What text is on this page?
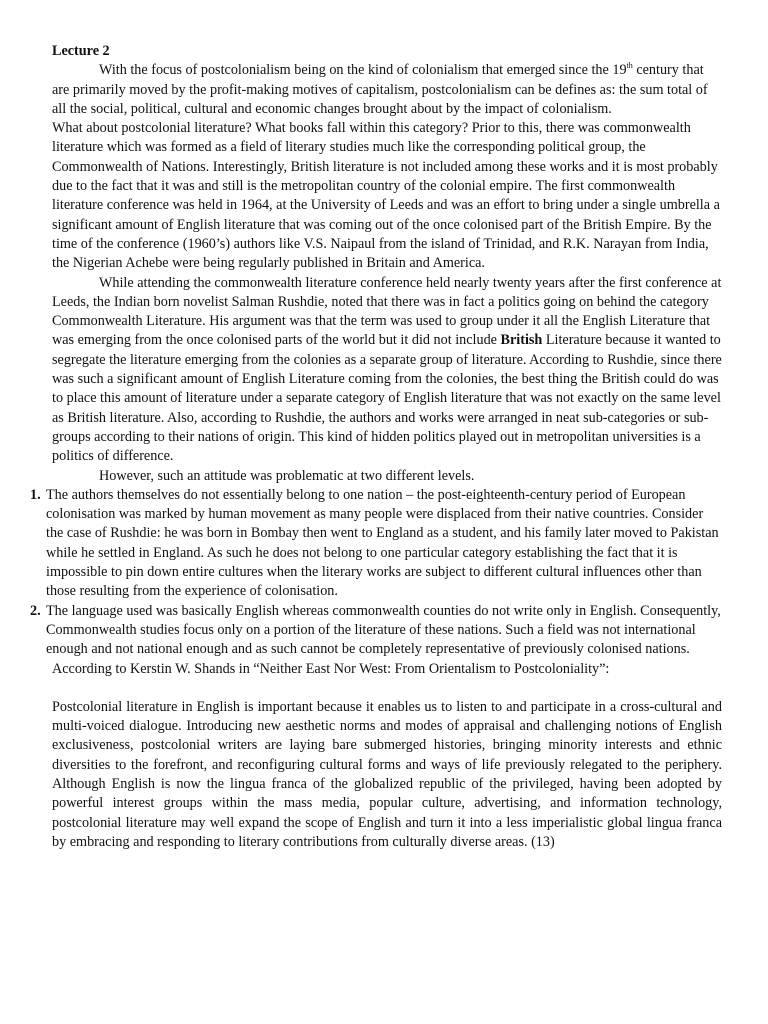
Lecture 2

With the focus of postcolonialism being on the kind of colonialism that emerged since the 19th century that are primarily moved by the profit-making motives of capitalism, postcolonialism can be defines as: the sum total of all the social, political, cultural and economic changes brought about by the impact of colonialism.

What about postcolonial literature? What books fall within this category? Prior to this, there was commonwealth literature which was formed as a field of literary studies much like the corresponding political group, the Commonwealth of Nations. Interestingly, British literature is not included among these works and it is most probably due to the fact that it was and still is the metropolitan country of the colonial empire. The first commonwealth literature conference was held in 1964, at the University of Leeds and was an effort to bring under a single umbrella a significant amount of English literature that was coming out of the once colonised part of the British Empire. By the time of the conference (1960’s) authors like V.S. Naipaul from the island of Trinidad, and R.K. Narayan from India, the Nigerian Achebe were being regularly published in Britain and America.

While attending the commonwealth literature conference held nearly twenty years after the first conference at Leeds, the Indian born novelist Salman Rushdie, noted that there was in fact a politics going on behind the category Commonwealth Literature. His argument was that the term was used to group under it all the English Literature that was emerging from the once colonised parts of the world but it did not include British Literature because it wanted to segregate the literature emerging from the colonies as a separate group of literature. According to Rushdie, since there was such a significant amount of English Literature coming from the colonies, the best thing the British could do was to place this amount of literature under a separate category of English literature that was not exactly on the same level as British literature. Also, according to Rushdie, the authors and works were arranged in neat sub-categories or sub-groups according to their nations of origin. This kind of hidden politics played out in metropolitan universities is a politics of difference.

However, such an attitude was problematic at two different levels.

1. The authors themselves do not essentially belong to one nation – the post-eighteenth-century period of European colonisation was marked by human movement as many people were displaced from their native countries. Consider the case of Rushdie: he was born in Bombay then went to England as a student, and his family later moved to Pakistan while he settled in England. As such he does not belong to one particular category establishing the fact that it is impossible to pin down entire cultures when the literary works are subject to different cultural influences other than those resulting from the experience of colonisation.

2. The language used was basically English whereas commonwealth counties do not write only in English. Consequently, Commonwealth studies focus only on a portion of the literature of these nations. Such a field was not international enough and not national enough and as such cannot be completely representative of previously colonised nations.

According to Kerstin W. Shands in “Neither East Nor West: From Orientalism to Postcoloniality”:

Postcolonial literature in English is important because it enables us to listen to and participate in a cross-cultural and multi-voiced dialogue. Introducing new aesthetic norms and modes of appraisal and challenging notions of English exclusiveness, postcolonial writers are laying bare submerged histories, bringing minority interests and ethnic diversities to the forefront, and reconfiguring cultural forms and ways of life previously relegated to the periphery. Although English is now the lingua franca of the globalized republic of the privileged, having been adopted by powerful interest groups within the mass media, popular culture, advertising, and information technology, postcolonial literature may well expand the scope of English and turn it into a less imperialistic global lingua franca by embracing and responding to literary contributions from culturally diverse areas. (13)
